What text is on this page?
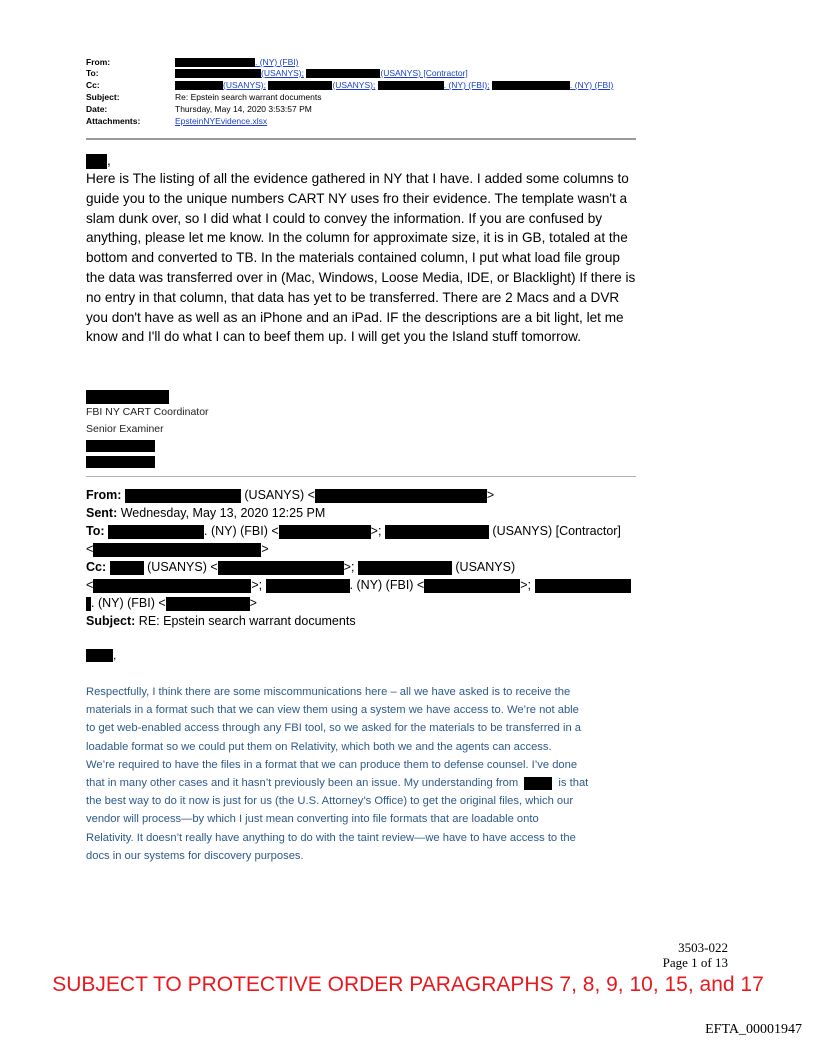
From:	. (NY) (FBI)
To:	(USANYS);	(USANYS) [Contractor]
Cc:	(USANYS);	(USANYS);	. (NY) (FBI);	. (NY) (FBI)
Subject:	Re: Epstein search warrant documents
Date:	Thursday, May 14, 2020 3:53:57 PM
Attachments:	EpsteinNYEvidence.xlsx
,
Here is The listing of all the evidence gathered in NY that I have. I added some columns to guide you to the unique numbers CART NY uses fro their evidence. The template wasn't a slam dunk over, so I did what I could to convey the information. If you are confused by anything, please let me know. In the column for approximate size, it is in GB, totaled at the bottom and converted to TB. In the materials contained column, I put what load file group the data was transferred over in (Mac, Windows, Loose Media, IDE, or Blacklight) If there is no entry in that column, that data has yet to be transferred. There are 2 Macs and a DVR you don't have as well as an iPhone and an iPad. IF the descriptions are a bit light, let me know and I'll do what I can to beef them up. I will get you the Island stuff tomorrow.
FBI NY CART Coordinator
Senior Examiner
From:	(USANYS) <	>
Sent: Wednesday, May 13, 2020 12:25 PM
To:	. (NY) (FBI) <	>;	(USANYS) [Contractor]
<	>
Cc:	(USANYS) <	>;	(USANYS)
<	>;	. (NY) (FBI) <	>;
. (NY) (FBI) <	>
Subject: RE: Epstein search warrant documents
,
Respectfully, I think there are some miscommunications here – all we have asked is to receive the
materials in a format such that we can view them using a system we have access to. We’re not able
to get web-enabled access through any FBI tool, so we asked for the materials to be transferred in a
loadable format so we could put them on Relativity, which both we and the agents can access.
We’re required to have the files in a format that we can produce them to defense counsel. I’ve done
that in many other cases and it hasn’t previously been an issue. My understanding from	is that
the best way to do it now is just for us (the U.S. Attorney’s Office) to get the original files, which our
vendor will process—by which I just mean converting into file formats that are loadable onto
Relativity. It doesn’t really have anything to do with the taint review—we have to have access to the
docs in our systems for discovery purposes.
3503-022
Page 1 of 13
SUBJECT TO PROTECTIVE ORDER PARAGRAPHS 7, 8, 9, 10, 15, and 17
EFTA_00001947
